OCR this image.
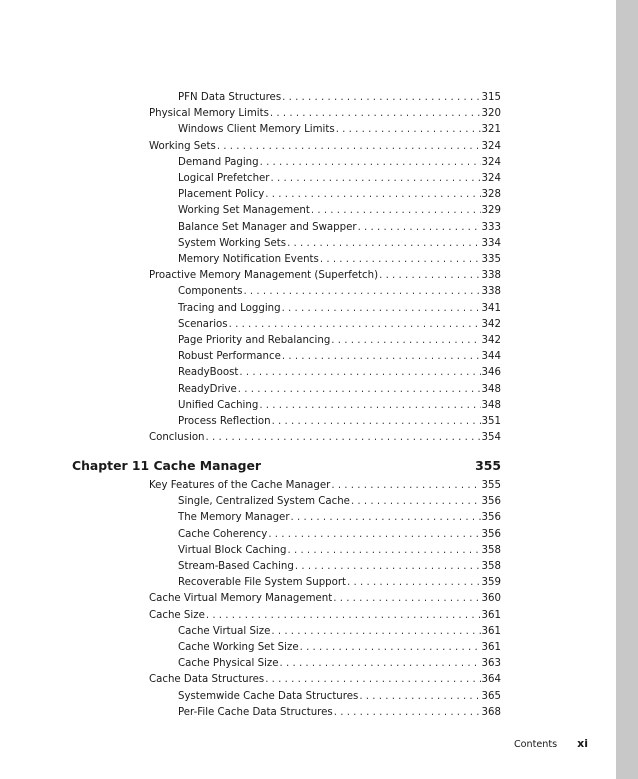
PFN Data Structures . . .	315
Physical Memory Limits . . .	320
Windows Client Memory Limits . . .	321
Working Sets . . .	324
Demand Paging . . .	324
Logical Prefetcher . . .	324
Placement Policy . . .	328
Working Set Management . . .	329
Balance Set Manager and Swapper . . .	333
System Working Sets . . .	334
Memory Notification Events . . .	335
Proactive Memory Management (Superfetch) . . .	338
Components . . .	338
Tracing and Logging . . .	341
Scenarios . . .	342
Page Priority and Rebalancing . . .	342
Robust Performance . . .	344
ReadyBoost . . .	346
ReadyDrive . . .	348
Unified Caching . . .	348
Process Reflection . . .	351
Conclusion . . .	354
Chapter 11 Cache Manager	355
Key Features of the Cache Manager . . .	355
Single, Centralized System Cache . . .	356
The Memory Manager . . .	356
Cache Coherency . . .	356
Virtual Block Caching . . .	358
Stream-Based Caching . . .	358
Recoverable File System Support . . .	359
Cache Virtual Memory Management . . .	360
Cache Size . . .	361
Cache Virtual Size . . .	361
Cache Working Set Size . . .	361
Cache Physical Size . . .	363
Cache Data Structures . . .	364
Systemwide Cache Data Structures . . .	365
Per-File Cache Data Structures . . .	368
Contents xi
